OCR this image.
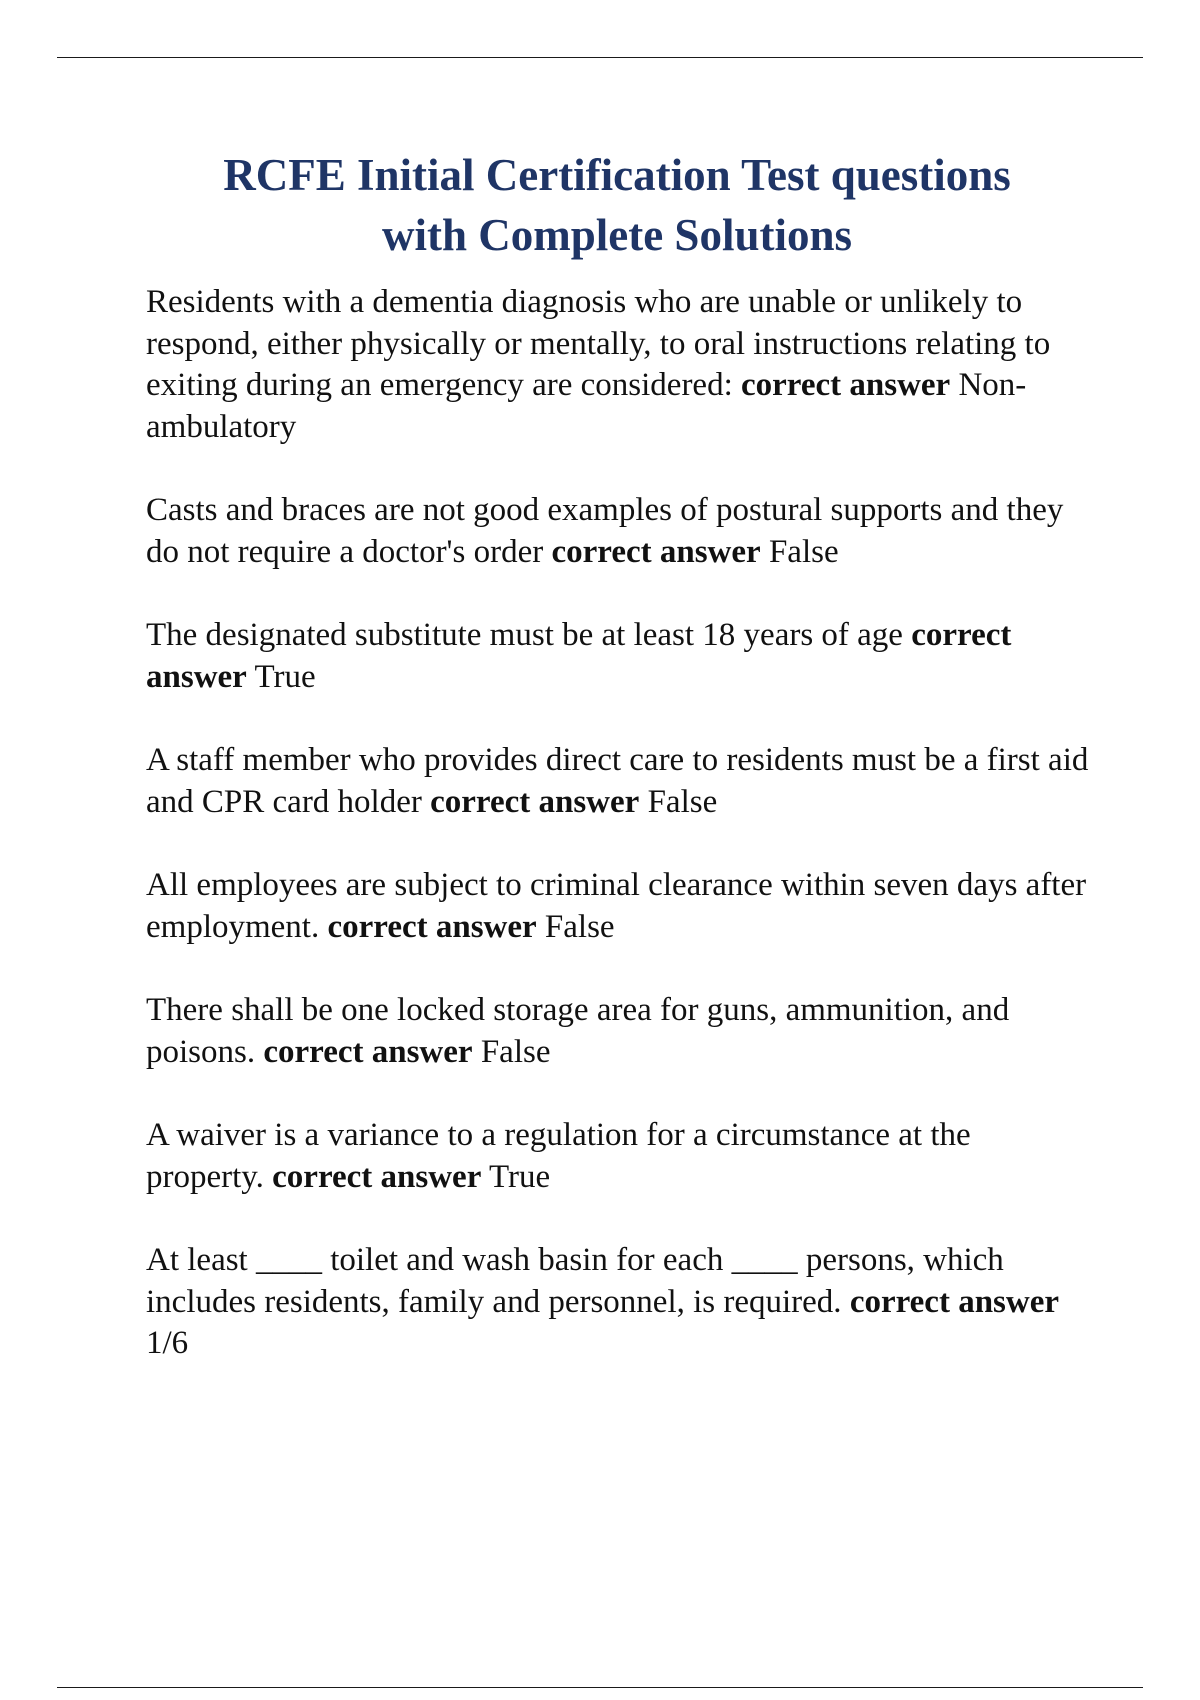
RCFE Initial Certification Test questions
with Complete Solutions

Residents with a dementia diagnosis who are unable or unlikely to respond, either physically or mentally, to oral instructions relating to exiting during an emergency are considered: correct answer Non-ambulatory

Casts and braces are not good examples of postural supports and they do not require a doctor's order correct answer False

The designated substitute must be at least 18 years of age correct answer True

A staff member who provides direct care to residents must be a first aid and CPR card holder correct answer False

All employees are subject to criminal clearance within seven days after employment. correct answer False

There shall be one locked storage area for guns, ammunition, and poisons. correct answer False

A waiver is a variance to a regulation for a circumstance at the property. correct answer True

At least ____ toilet and wash basin for each ____ persons, which includes residents, family and personnel, is required. correct answer 1/6
